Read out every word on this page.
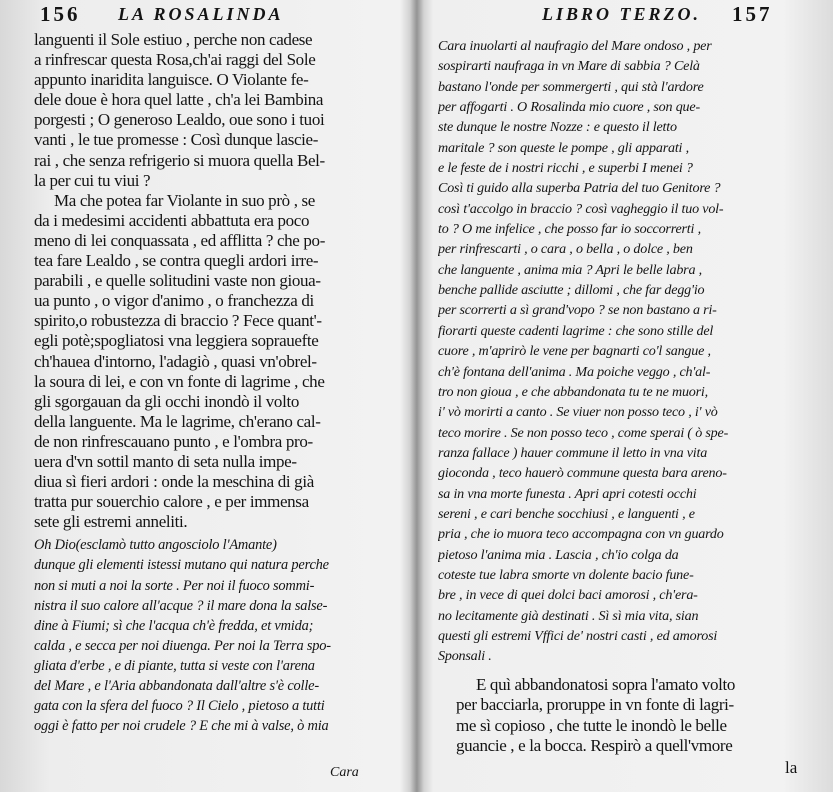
156 LA ROSALINDA
languenti il Sole estiuo , perche non cadese
a rinfrescar questa Rosa,ch'ai raggi del Sole
appunto inaridita languisce. O Violante fe-
dele doue è hora quel latte , ch'a lei Bambina
porgesti ; O generoso Lealdo, oue sono i tuoi
vanti , le tue promesse : Così dunque lascie-
rai , che senza refrigerio si muora quella Bel-
la per cui tu viui ?
Ma che potea far Violante in suo prò , se
da i medesimi accidenti abbattuta era poco
meno di lei conquassata , ed afflitta ? che po-
tea fare Lealdo , se contra quegli ardori irre-
parabili , e quelle solitudini vaste non gioua-
ua punto , o vigor d'animo , o franchezza di
spirito,o robustezza di braccio ? Fece quant'-
egli potè;spogliatosi vna leggiera soprauefte
ch'hauea d'intorno, l'adagiò , quasi vn'obrel-
la soura di lei, e con vn fonte di lagrime , che
gli sgorgauan da gli occhi inondò il volto
della languente. Ma le lagrime, ch'erano cal-
de non rinfrescauano punto , e l'ombra pro-
uera d'vn sottil manto di seta nulla impe-
diua sì fieri ardori : onde la meschina di già
tratta pur souerchio calore , e per immensa
sete gli estremi anneliti.
Oh Dio(esclamò tutto angosciolo l'Amante)
dunque gli elementi istessi mutano qui natura perche
non si muti a noi la sorte . Per noi il fuoco sommi-
nistra il suo calore all'acque ? il mare dona la salse-
dine à Fiumi; sì che l'acqua ch'è fredda, et vmida;
calda , e secca per noi diuenga. Per noi la Terra spo-
gliata d'erbe , e di piante, tutta si veste con l'arena
del Mare , e l'Aria abbandonata dall'altre s'è colle-
gata con la sfera del fuoco ? Il Cielo , pietoso a tutti
oggi è fatto per noi crudele ? E che mi à valse, ò mia
Cara
LIBRO TERZO. 157
Cara inuolarti al naufragio del Mare ondoso , per
sospirarti naufraga in vn Mare di sabbia ? Celà
bastano l'onde per sommergerti , qui stà l'ardore
per affogarti . O Rosalinda mio cuore , son que-
ste dunque le nostre Nozze : e questo il letto
maritale ? son queste le pompe , gli apparati ,
e le feste de i nostri ricchi , e superbi I menei ?
Così ti guido alla superba Patria del tuo Genitore ?
così t'accolgo in braccio ? così vagheggio il tuo vol-
to ? O me infelice , che posso far io soccorrerti ,
per rinfrescarti , o cara , o bella , o dolce , ben
che languente , anima mia ? Apri le belle labra ,
benche pallide asciutte ; dillomi , che far degg'io
per scorrerti a sì grand'vopo ? se non bastano a ri-
fiorarti queste cadenti lagrime : che sono stille del
cuore , m'aprirò le vene per bagnarti co'l sangue ,
ch'è fontana dell'anima . Ma poiche veggo , ch'al-
tro non gioua , e che abbandonata tu te ne muori,
i' vò morirti a canto . Se viuer non posso teco , i' vò
teco morire . Se non posso teco , come sperai ( ò spe-
ranza fallace ) hauer commune il letto in vna vita
gioconda , teco hauerò commune questa bara areno-
sa in vna morte funesta . Apri apri cotesti occhi
sereni , e cari benche socchiusi , e languenti , e
pria , che io muora teco accompagna con vn guardo
pietoso l'anima mia . Lascia , ch'io colga da
coteste tue labra smorte vn dolente bacio fune-
bre , in vece di quei dolci baci amorosi , ch'era-
no lecitamente già destinati . Sì sì mia vita, sian
questi gli estremi Vffici de' nostri casti , ed amorosi
Sponsali .
E quì abbandonatosi sopra l'amato volto
per bacciarla, proruppe in vn fonte di lagri-
me sì copioso , che tutte le inondò le belle
guancie , e la bocca. Respirò a quell'vmore
la
